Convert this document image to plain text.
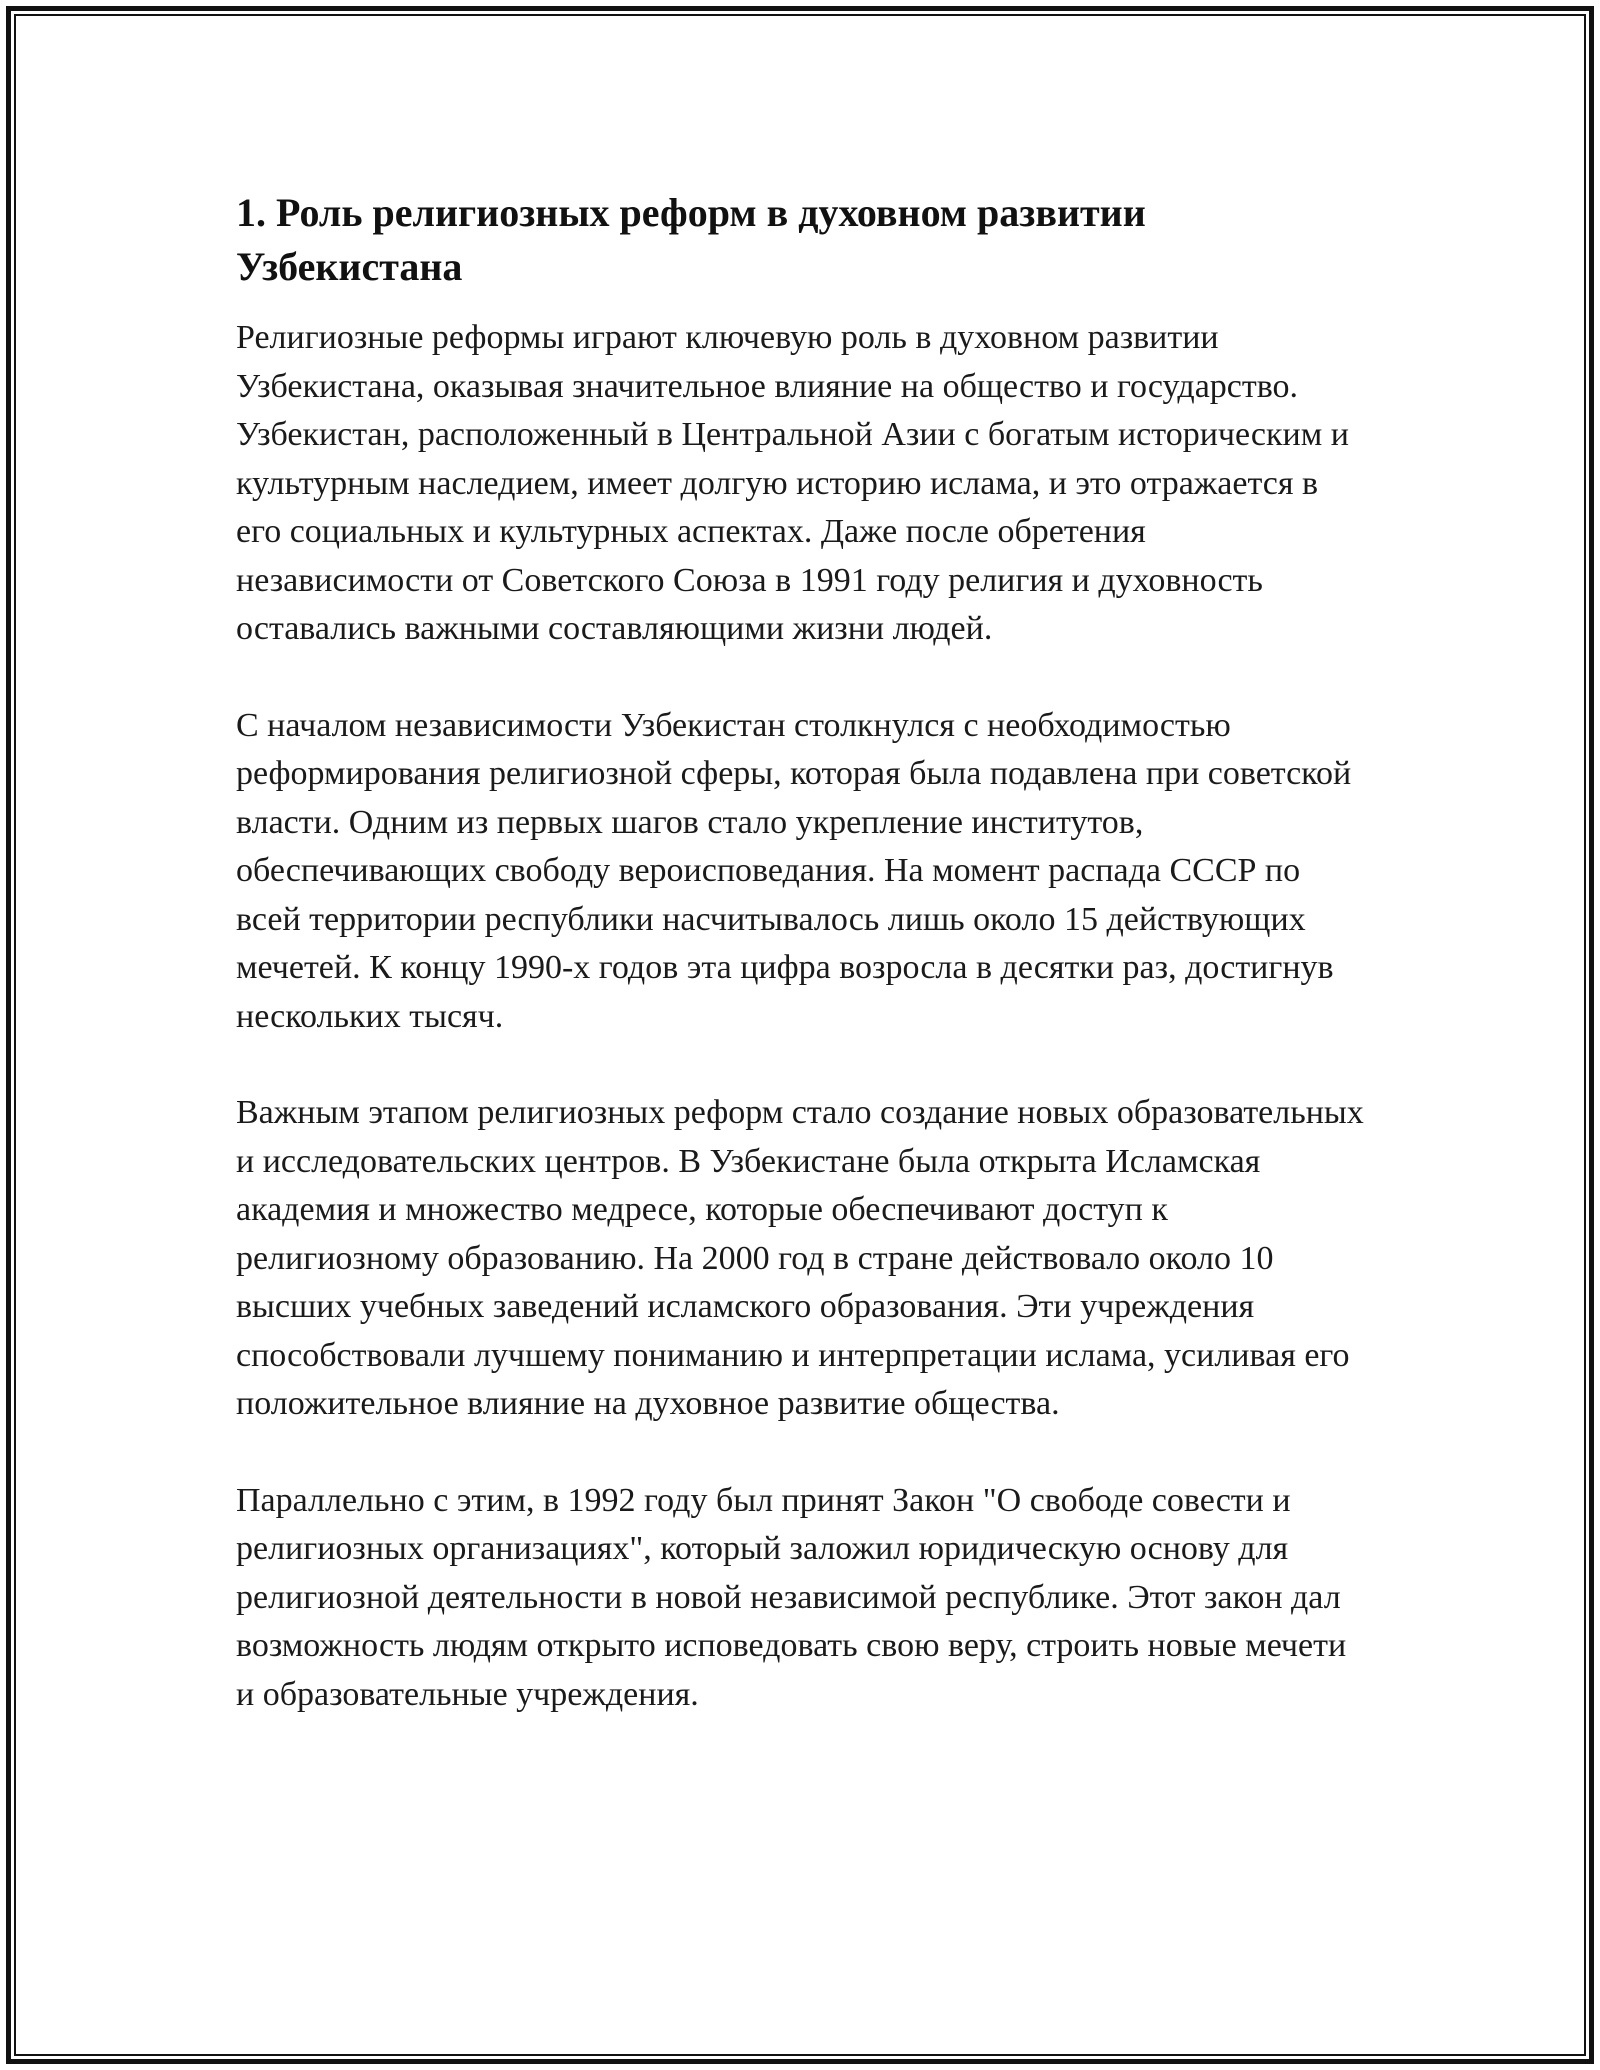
1. Роль религиозных реформ в духовном развитии Узбекистана

Религиозные реформы играют ключевую роль в духовном развитии Узбекистана, оказывая значительное влияние на общество и государство. Узбекистан, расположенный в Центральной Азии с богатым историческим и культурным наследием, имеет долгую историю ислама, и это отражается в его социальных и культурных аспектах. Даже после обретения независимости от Советского Союза в 1991 году религия и духовность оставались важными составляющими жизни людей.

С началом независимости Узбекистан столкнулся с необходимостью реформирования религиозной сферы, которая была подавлена при советской власти. Одним из первых шагов стало укрепление институтов, обеспечивающих свободу вероисповедания. На момент распада СССР по всей территории республики насчитывалось лишь около 15 действующих мечетей. К концу 1990-х годов эта цифра возросла в десятки раз, достигнув нескольких тысяч.

Важным этапом религиозных реформ стало создание новых образовательных и исследовательских центров. В Узбекистане была открыта Исламская академия и множество медресе, которые обеспечивают доступ к религиозному образованию. На 2000 год в стране действовало около 10 высших учебных заведений исламского образования. Эти учреждения способствовали лучшему пониманию и интерпретации ислама, усиливая его положительное влияние на духовное развитие общества.

Параллельно с этим, в 1992 году был принят Закон "О свободе совести и религиозных организациях", который заложил юридическую основу для религиозной деятельности в новой независимой республике. Этот закон дал возможность людям открыто исповедовать свою веру, строить новые мечети и образовательные учреждения.
